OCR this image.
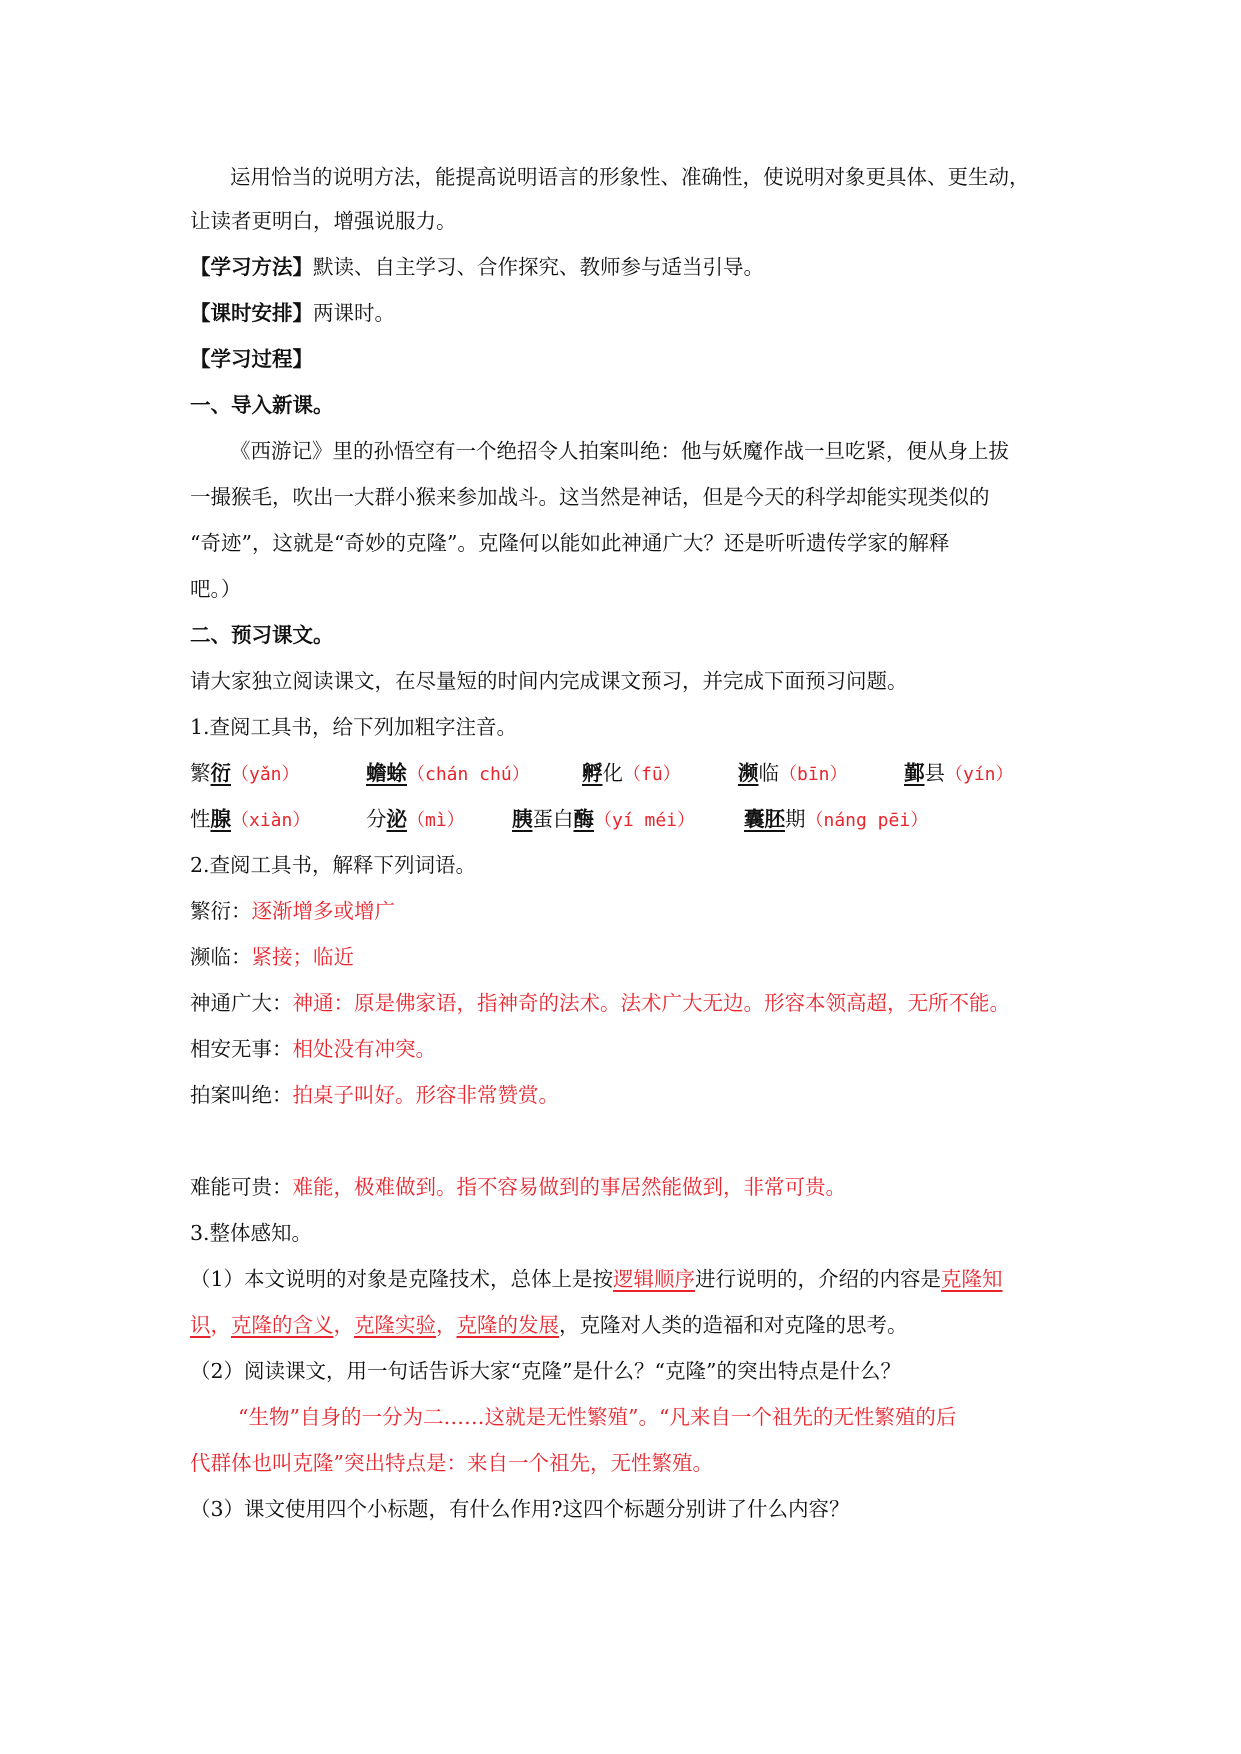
运用恰当的说明方法，能提高说明语言的形象性、准确性，使说明对象更具体、更生动，
让读者更明白，增强说服力。
【学习方法】默读、自主学习、合作探究、教师参与适当引导。
【课时安排】两课时。
【学习过程】
一、导入新课。
《西游记》里的孙悟空有一个绝招令人拍案叫绝：他与妖魔作战一旦吃紧，便从身上拔
一撮猴毛，吹出一大群小猴来参加战斗。这当然是神话，但是今天的科学却能实现类似的
“奇迹”，这就是“奇妙的克隆”。克隆何以能如此神通广大？还是听听遗传学家的解释
吧。）
二、预习课文。
请大家独立阅读课文，在尽量短的时间内完成课文预习，并完成下面预习问题。
1.查阅工具书，给下列加粗字注音。
繁衍（yǎn）	蟾蜍（chán chú）	孵化（fū）	濒临（bīn）	鄞县（yín）
性腺（xiàn）	分泌（mì） 胰蛋白酶（yí méi） 囊胚期（náng pēi）
2.查阅工具书，解释下列词语。
繁衍：逐渐增多或增广
濒临：紧接；临近
神通广大：神通：原是佛家语，指神奇的法术。法术广大无边。形容本领高超，无所不能。
相安无事：相处没有冲突。
拍案叫绝：拍桌子叫好。形容非常赞赏。
难能可贵：难能，极难做到。指不容易做到的事居然能做到，非常可贵。
3.整体感知。
（1）本文说明的对象是克隆技术，总体上是按逻辑顺序进行说明的，介绍的内容是克隆知
识，克隆的含义，克隆实验，克隆的发展，克隆对人类的造福和对克隆的思考。
（2）阅读课文，用一句话告诉大家“克隆”是什么？“克隆”的突出特点是什么？
“生物”自身的一分为二……这就是无性繁殖”。“凡来自一个祖先的无性繁殖的后
代群体也叫克隆”突出特点是：来自一个祖先，无性繁殖。
（3）课文使用四个小标题，有什么作用?这四个标题分别讲了什么内容？
